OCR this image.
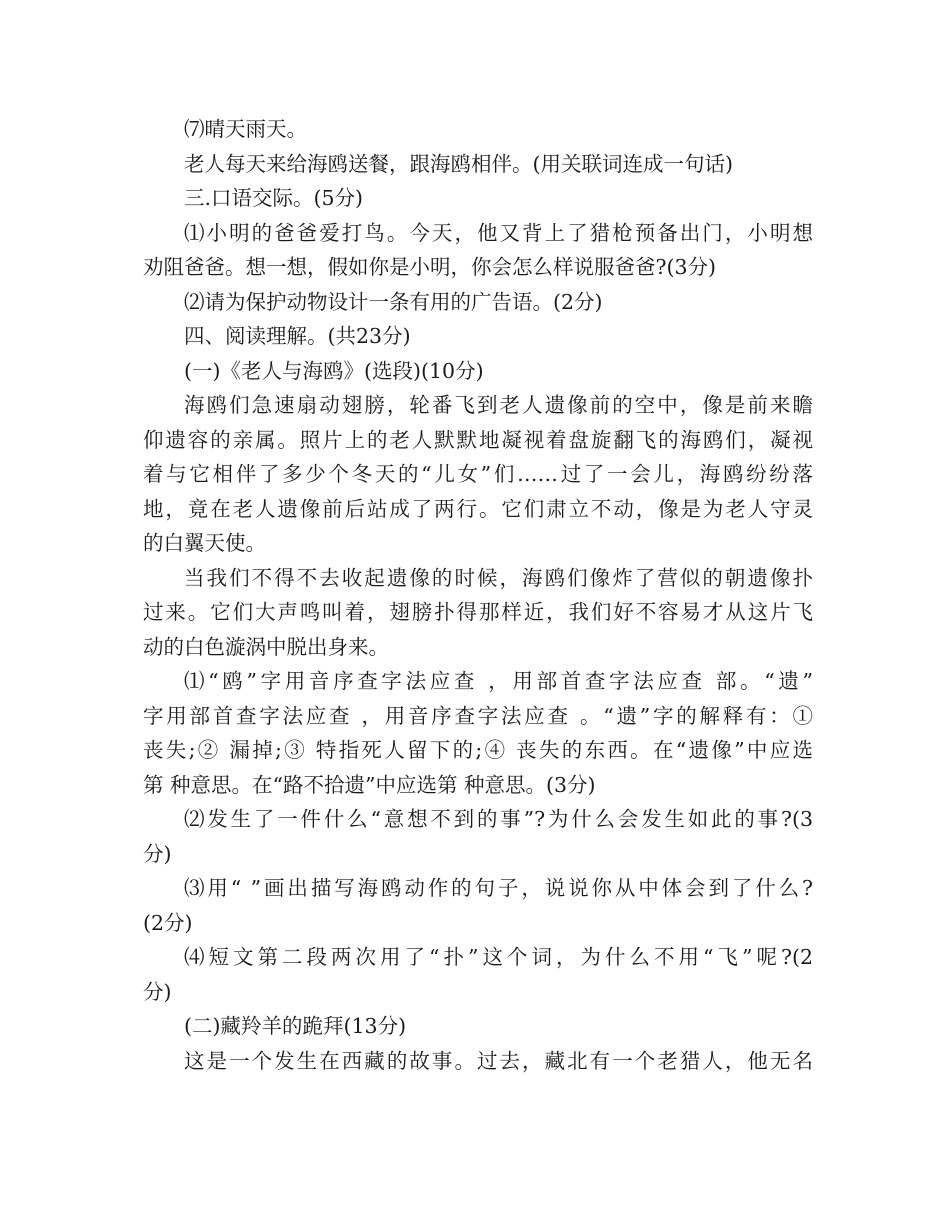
⑺晴天雨天。
老人每天来给海鸥送餐，跟海鸥相伴。(用关联词连成一句话)
三.口语交际。(5分)
⑴小明的爸爸爱打鸟。今天，他又背上了猎枪预备出门，小明想
劝阻爸爸。想一想，假如你是小明，你会怎么样说服爸爸?(3分)
⑵请为保护动物设计一条有用的广告语。(2分)
四、阅读理解。(共23分)
(一)《老人与海鸥》(选段)(10分)
海鸥们急速扇动翅膀，轮番飞到老人遗像前的空中，像是前来瞻
仰遗容的亲属。照片上的老人默默地凝视着盘旋翻飞的海鸥们，凝视
着与它相伴了多少个冬天的“儿女”们……过了一会儿，海鸥纷纷落
地，竟在老人遗像前后站成了两行。它们肃立不动，像是为老人守灵
的白翼天使。
当我们不得不去收起遗像的时候，海鸥们像炸了营似的朝遗像扑
过来。它们大声鸣叫着，翅膀扑得那样近，我们好不容易才从这片飞
动的白色漩涡中脱出身来。
⑴“鸥”字用音序查字法应查 ，用部首查字法应查 部。“遗”
字用部首查字法应查 ，用音序查字法应查 。“遗”字的解释有：①
丧失;② 漏掉;③ 特指死人留下的;④ 丧失的东西。在“遗像”中应选
第 种意思。在“路不拾遗”中应选第 种意思。(3分)
⑵发生了一件什么“意想不到的事”?为什么会发生如此的事?(3
分)
⑶用“ ”画出描写海鸥动作的句子，说说你从中体会到了什么?
(2分)
⑷短文第二段两次用了“扑”这个词，为什么不用“飞”呢?(2
分)
(二)藏羚羊的跪拜(13分)
这是一个发生在西藏的故事。过去，藏北有一个老猎人，他无名
